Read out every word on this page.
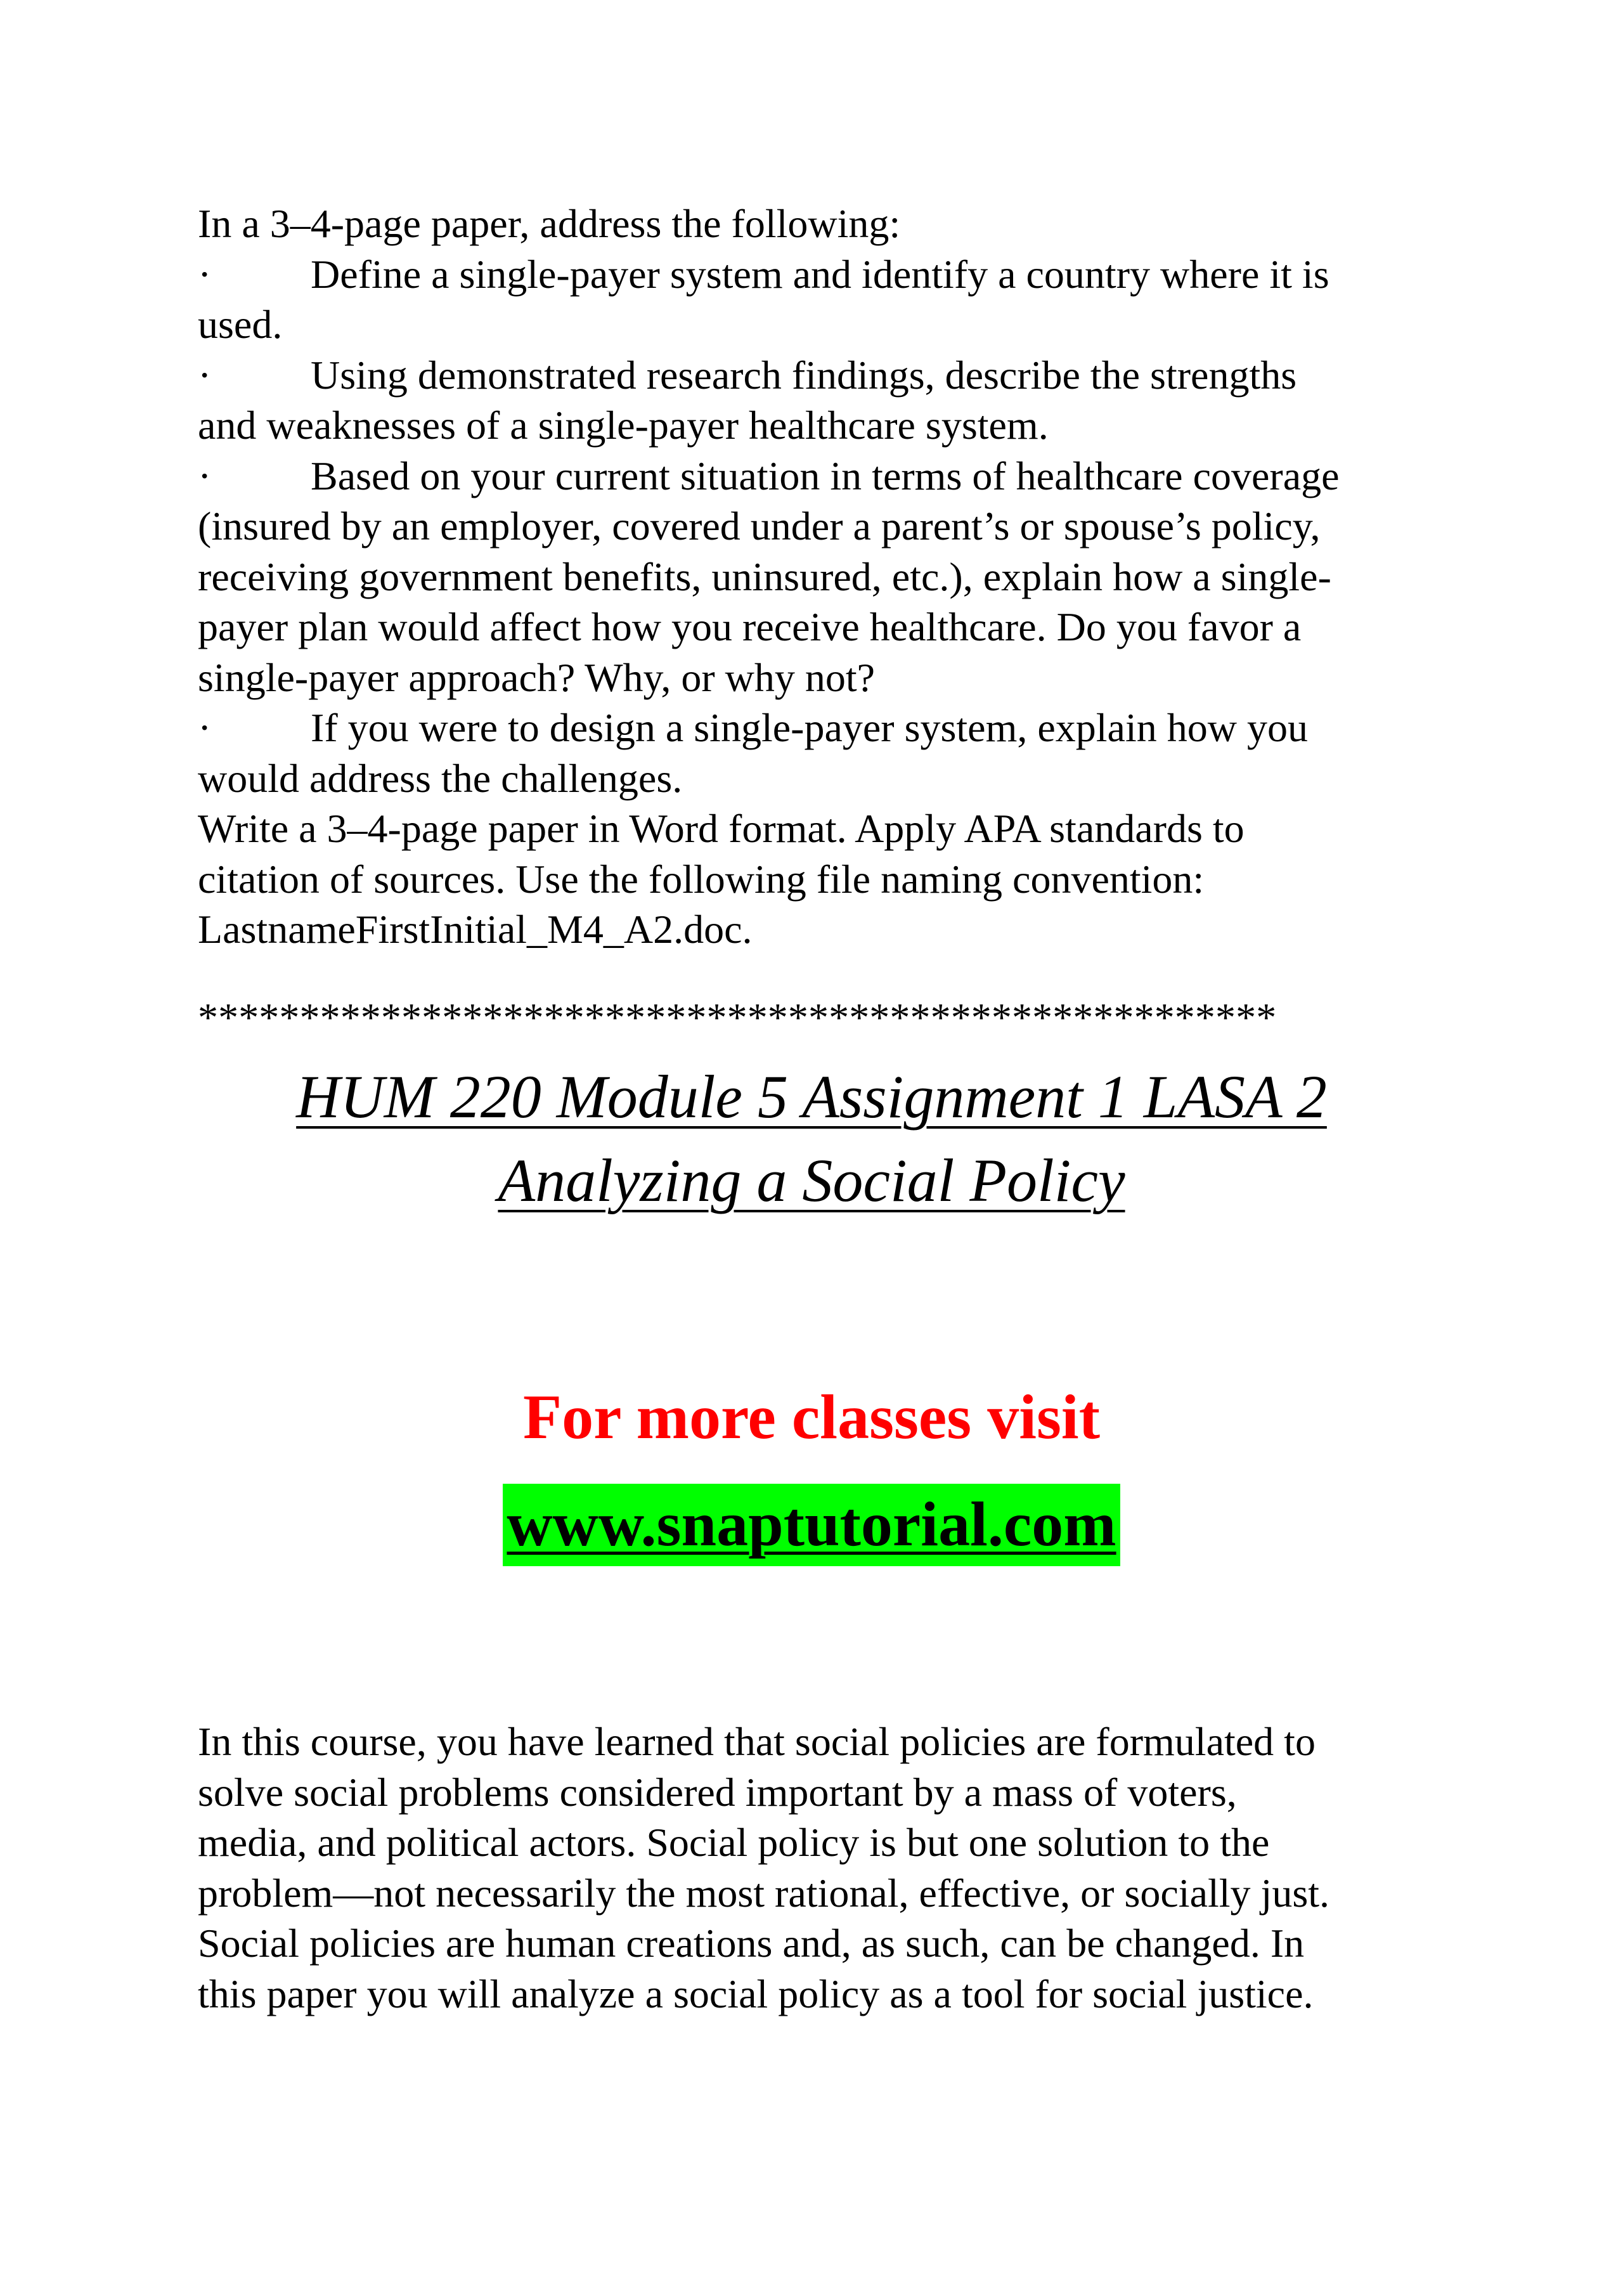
In a 3–4-page paper, address the following:
· Define a single-payer system and identify a country where it is
used.
· Using demonstrated research findings, describe the strengths
and weaknesses of a single-payer healthcare system.
· Based on your current situation in terms of healthcare coverage
(insured by an employer, covered under a parent’s or spouse’s policy,
receiving government benefits, uninsured, etc.), explain how a single-
payer plan would affect how you receive healthcare. Do you favor a
single-payer approach? Why, or why not?
· If you were to design a single-payer system, explain how you
would address the challenges.
Write a 3–4-page paper in Word format. Apply APA standards to
citation of sources. Use the following file naming convention:
LastnameFirstInitial_M4_A2.doc.
*****************************************************
HUM 220 Module 5 Assignment 1 LASA 2
Analyzing a Social Policy
For more classes visit
www.snaptutorial.com
In this course, you have learned that social policies are formulated to
solve social problems considered important by a mass of voters,
media, and political actors. Social policy is but one solution to the
problem—not necessarily the most rational, effective, or socially just.
Social policies are human creations and, as such, can be changed. In
this paper you will analyze a social policy as a tool for social justice.
